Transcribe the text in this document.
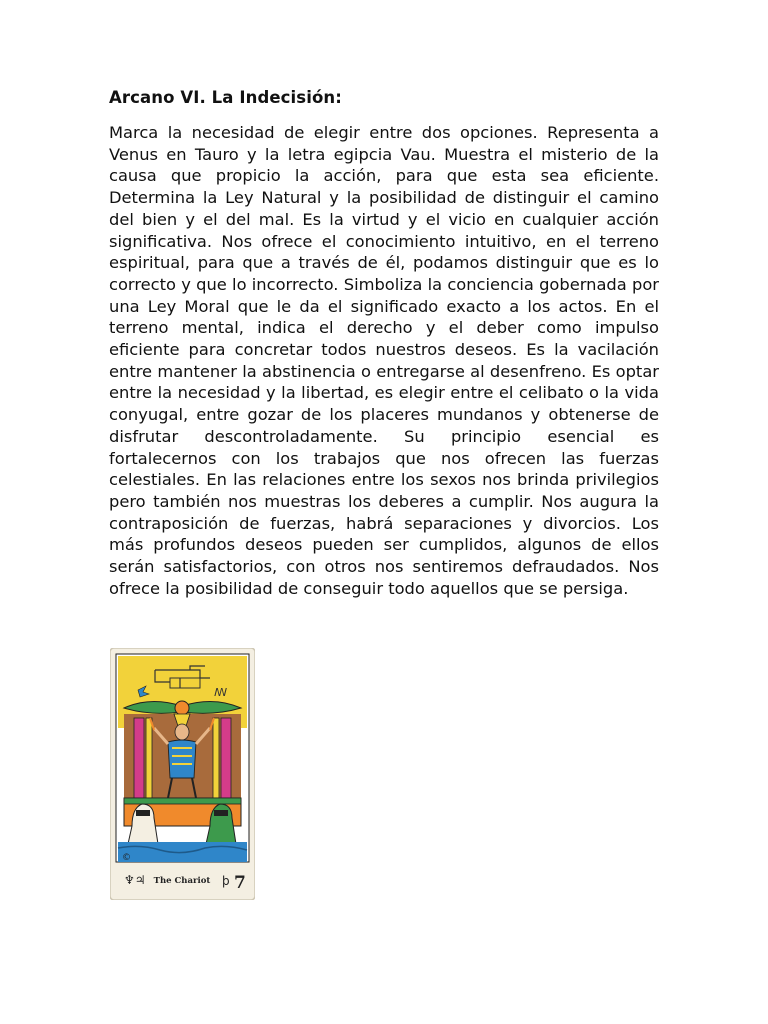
Arcano VI. La Indecisión:

Marca la necesidad de elegir entre dos opciones. Representa a Venus en Tauro y la letra egipcia Vau. Muestra el misterio de la causa que propicio la acción, para que esta sea eficiente. Determina la Ley Natural y la posibilidad de distinguir el camino del bien y el del mal. Es la virtud y el vicio en cualquier acción significativa. Nos ofrece el conocimiento intuitivo, en el terreno espiritual, para que a través de él, podamos distinguir que es lo correcto y que lo incorrecto. Simboliza la conciencia gobernada por una Ley Moral que le da el significado exacto a los actos. En el terreno mental, indica el derecho y el deber como impulso eficiente para concretar todos nuestros deseos. Es la vacilación entre mantener la abstinencia o entregarse al desenfreno. Es optar entre la necesidad y la libertad, es elegir entre el celibato o la vida conyugal, entre gozar de los placeres mundanos y obtenerse de disfrutar descontroladamente. Su principio esencial es fortalecernos con los trabajos que nos ofrecen las fuerzas celestiales. En las relaciones entre los sexos nos brinda privilegios pero también nos muestras los deberes a cumplir. Nos augura la contraposición de fuerzas, habrá separaciones y divorcios. Los más profundos deseos pueden ser cumplidos, algunos de ellos serán satisfactorios, con otros nos sentiremos defraudados. Nos ofrece la posibilidad de conseguir todo aquellos que se persiga.

ꟿ
©
♆♃ The Chariot ϸ 7
